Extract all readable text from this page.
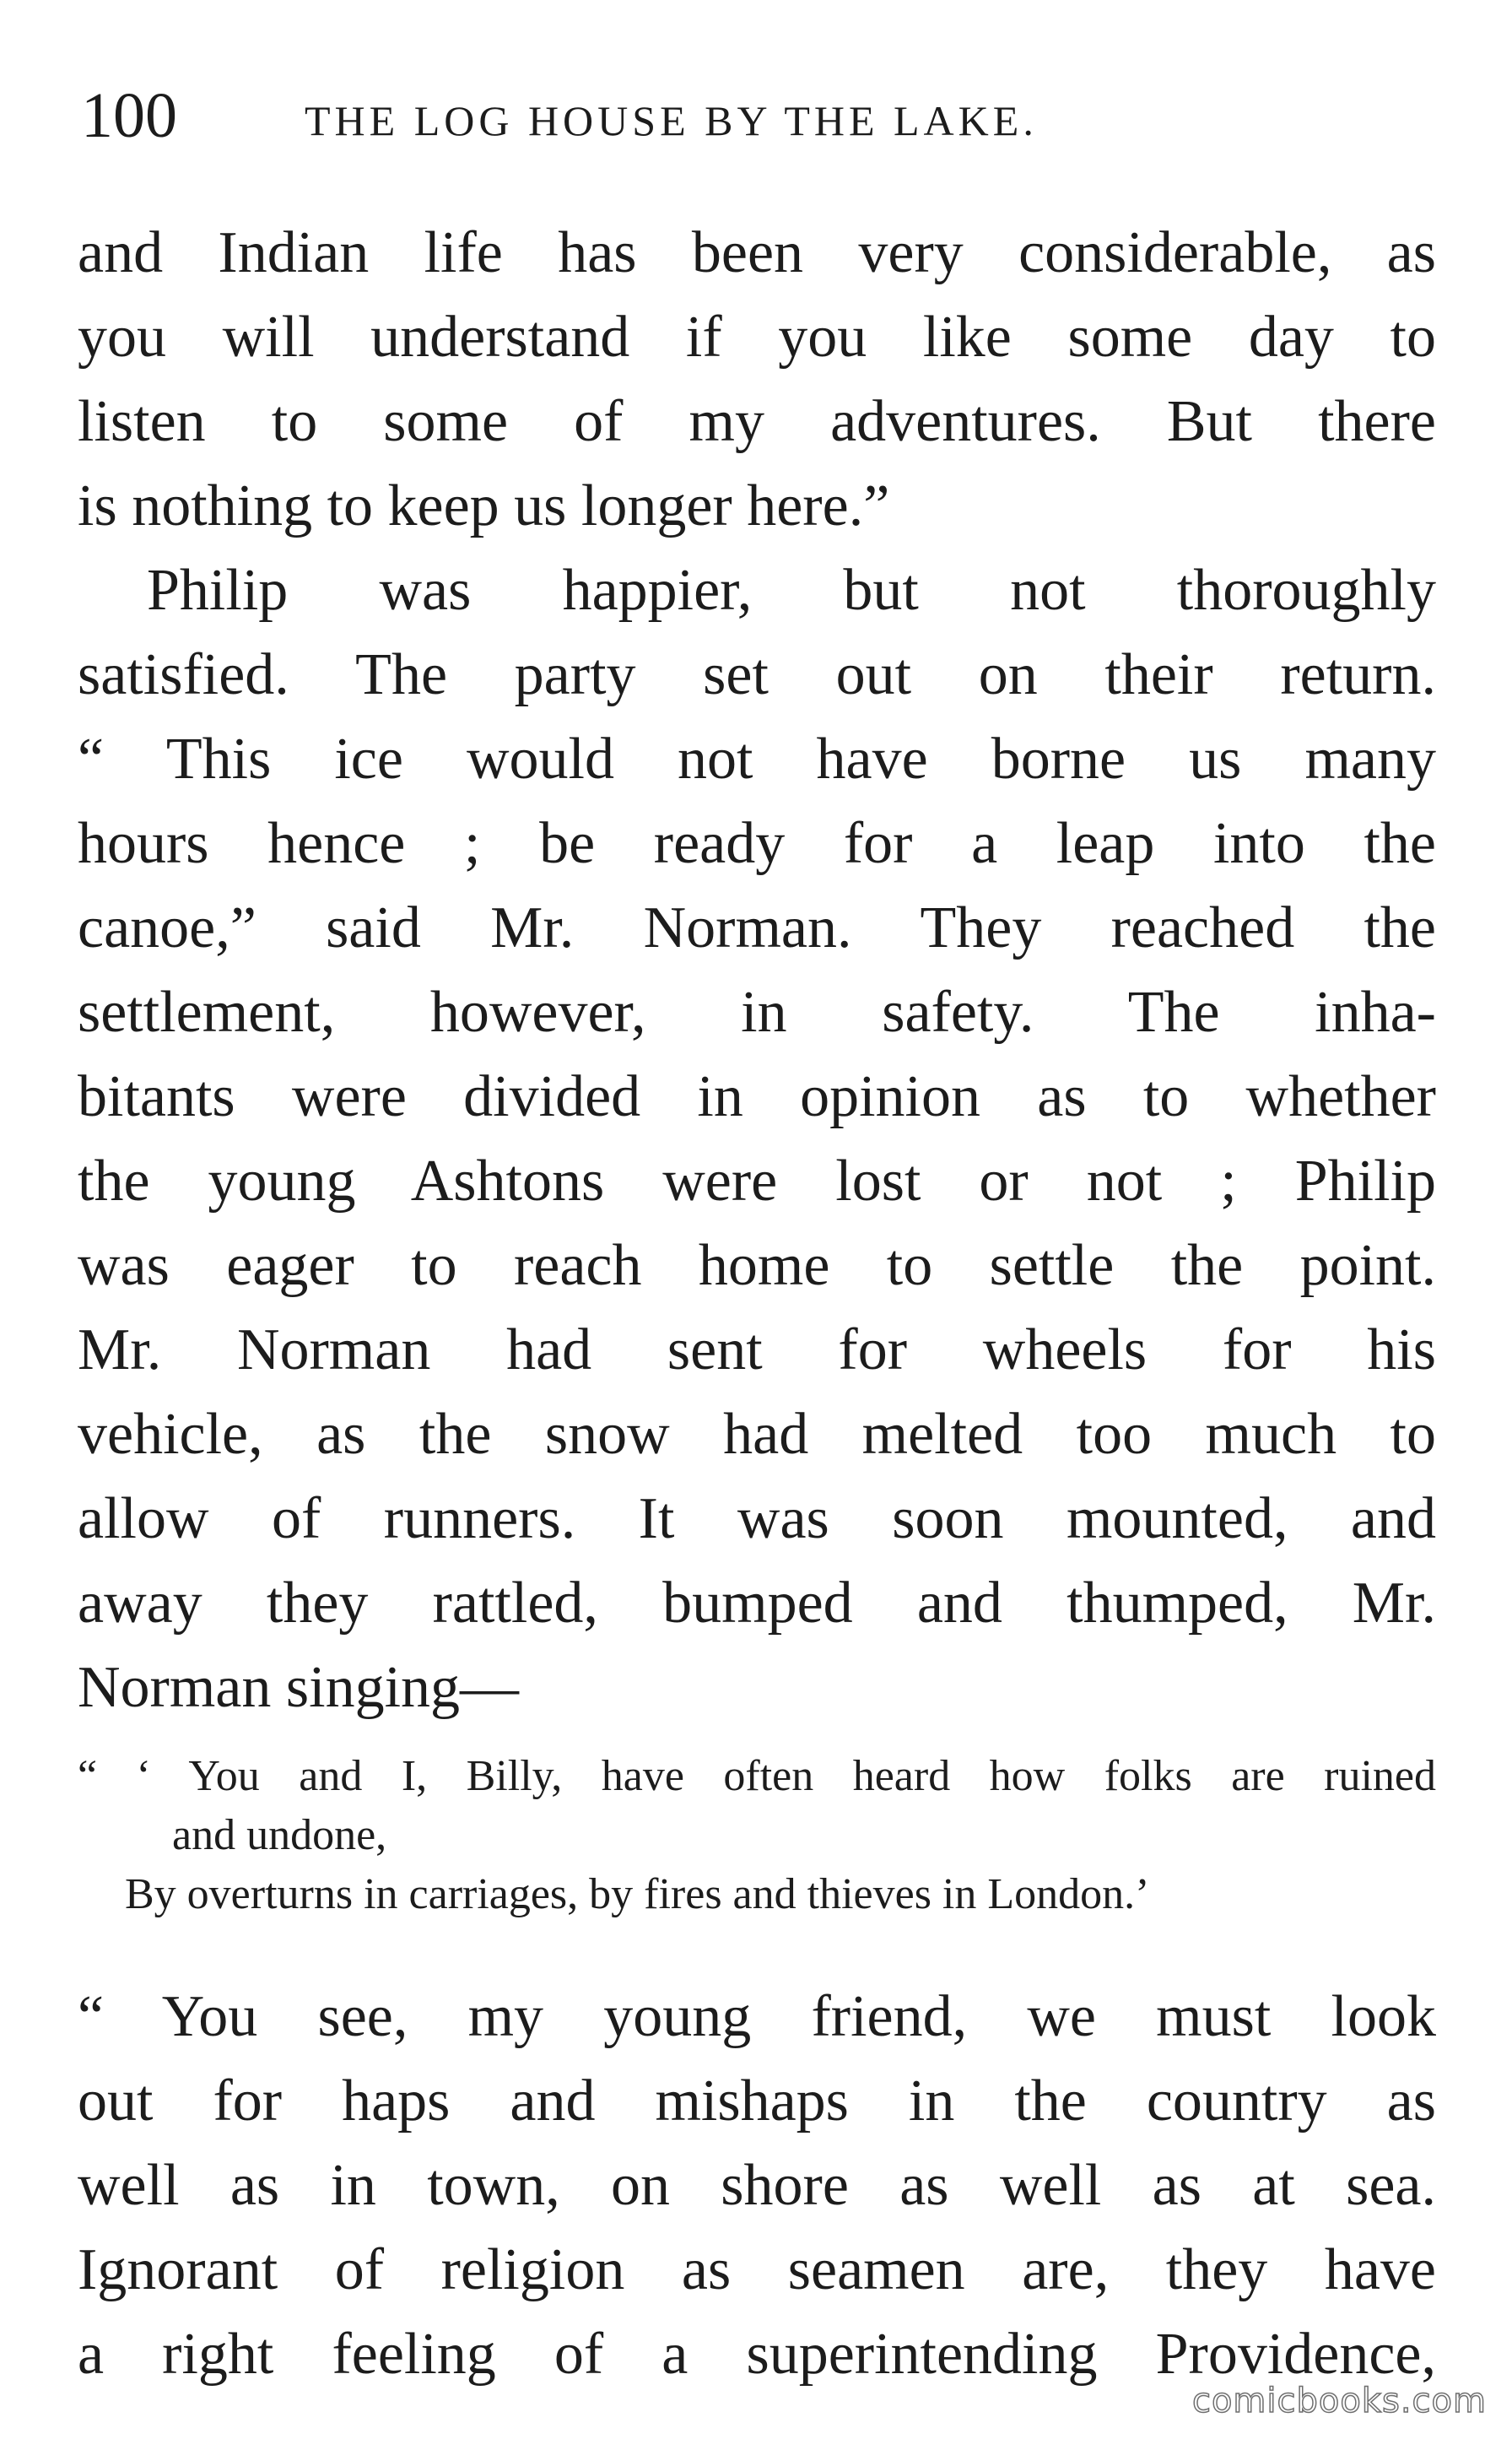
100	THE LOG HOUSE BY THE LAKE.
and Indian life has been very considerable, as
you will understand if you like some day to
listen to some of my adventures. But there
is nothing to keep us longer here.”
Philip was happier, but not thoroughly
satisfied. The party set out on their return.
“ This ice would not have borne us many
hours hence ; be ready for a leap into the
canoe,” said Mr. Norman. They reached the
settlement, however, in safety. The inha-
bitants were divided in opinion as to whether
the young Ashtons were lost or not ; Philip
was eager to reach home to settle the point.
Mr. Norman had sent for wheels for his
vehicle, as the snow had melted too much to
allow of runners. It was soon mounted, and
away they rattled, bumped and thumped, Mr.
Norman singing—
“ ‘ You and I, Billy, have often heard how folks are ruined
and undone,
By overturns in carriages, by fires and thieves in London.’
“ You see, my young friend, we must look
out for haps and mishaps in the country as
well as in town, on shore as well as at sea.
Ignorant of religion as seamen are, they have
a right feeling of a superintending Providence,
comicbooks.com
